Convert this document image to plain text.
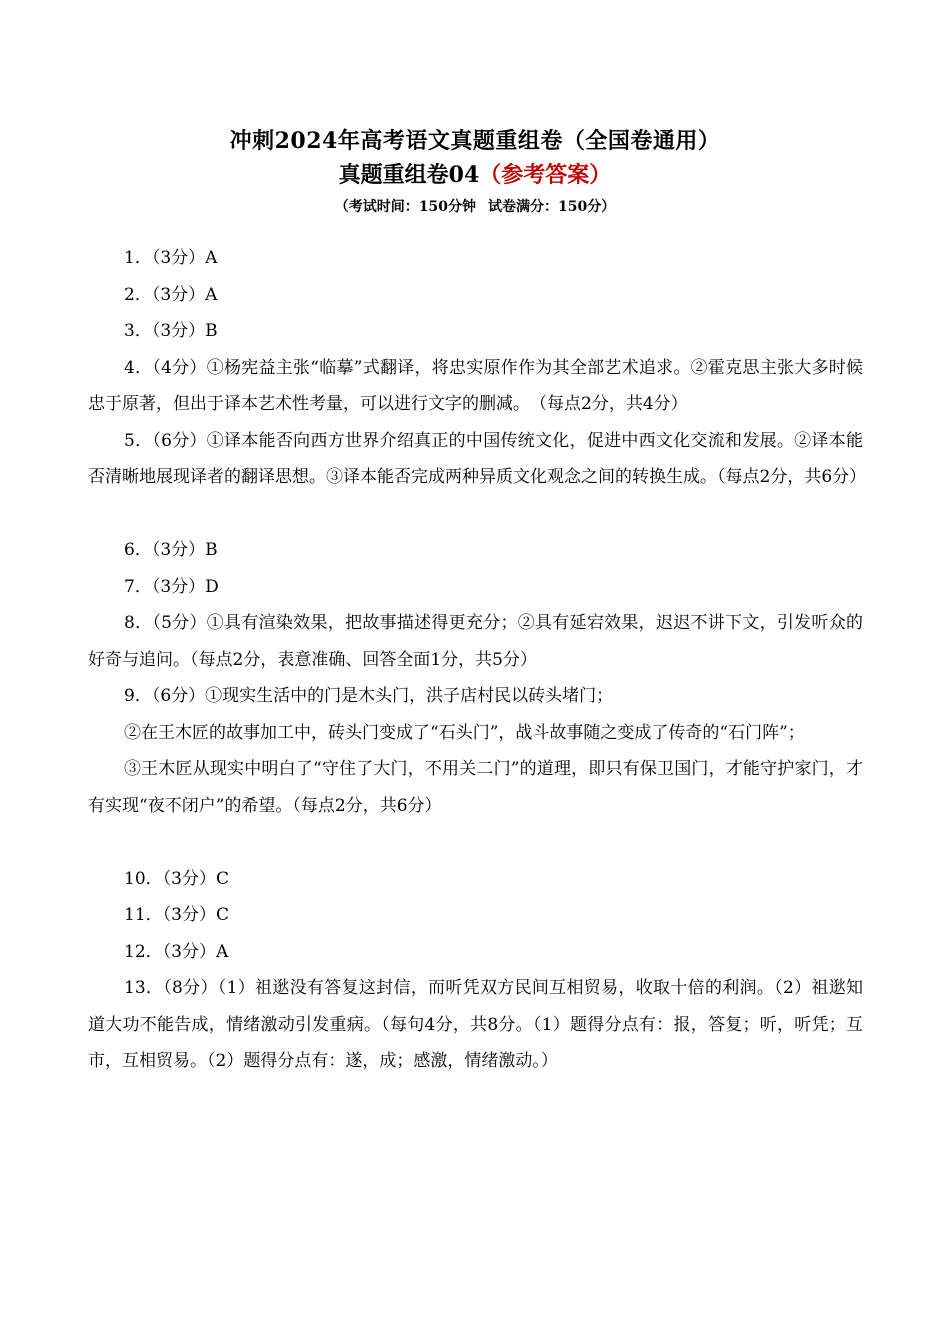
冲刺2024年高考语文真题重组卷（全国卷通用）
真题重组卷04（参考答案）
（考试时间：150分钟 试卷满分：150分）

1．（3分）A

2．（3分）A

3．（3分）B

4．（4分）①杨宪益主张“临摹”式翻译，将忠实原作作为其全部艺术追求。②霍克思主张大多时候忠于原著，但出于译本艺术性考量，可以进行文字的删减。　（每点2分，共4分）

5．（6分）①译本能否向西方世界介绍真正的中国传统文化，促进中西文化交流和发展。②译本能否清晰地展现译者的翻译思想。③译本能否完成两种异质文化观念之间的转换生成。（每点2分，共6分）

6．（3分）B

7．（3分）D

8．（5分）①具有渲染效果，把故事描述得更充分；②具有延宕效果，迟迟不讲下文，引发听众的好奇与追问。（每点2分，表意准确、回答全面1分，共5分）

9．（6分）①现实生活中的门是木头门，洪子店村民以砖头堵门；

②在王木匠的故事加工中，砖头门变成了“石头门”，战斗故事随之变成了传奇的“石门阵”；

③王木匠从现实中明白了“守住了大门，不用关二门”的道理，即只有保卫国门，才能守护家门，才有实现“夜不闭户”的希望。（每点2分，共6分）

10．（3分）C

11．（3分）C

12．（3分）A

13．（8分）（1）祖逖没有答复这封信，而听凭双方民间互相贸易，收取十倍的利润。（2）祖逖知道大功不能告成，情绪激动引发重病。（每句4分，共8分。（1）题得分点有：报，答复；听，听凭；互市，互相贸易。（2）题得分点有：遂，成；感激，情绪激动。）
